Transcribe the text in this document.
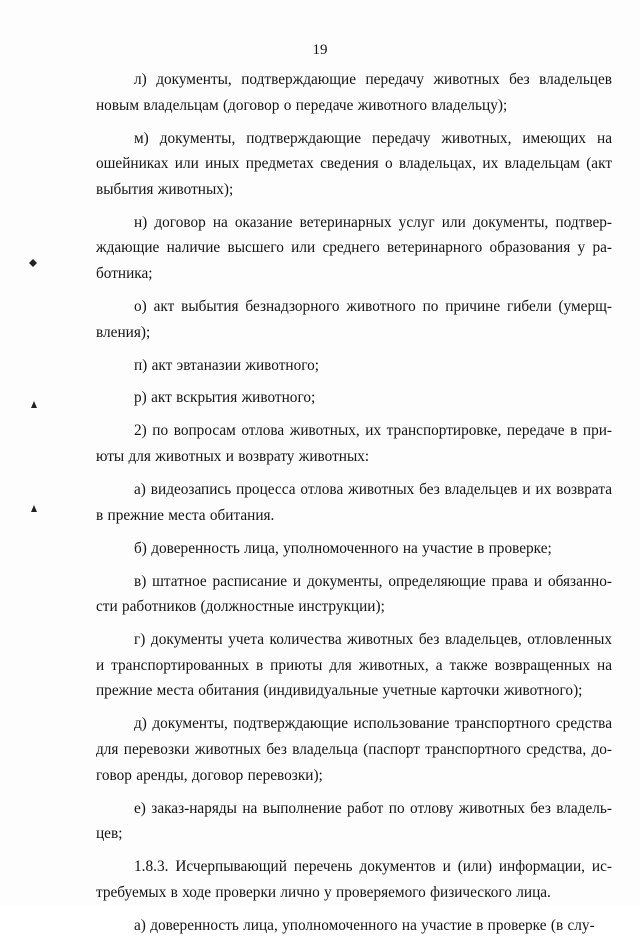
19
л) документы, подтверждающие передачу животных без владельцев
новым владельцам (договор о передаче животного владельцу);
м) документы, подтверждающие передачу животных, имеющих на
ошейниках или иных предметах сведения о владельцах, их владельцам (акт
выбытия животных);
н) договор на оказание ветеринарных услуг или документы, подтвер-
ждающие наличие высшего или среднего ветеринарного образования у ра-
ботника;
о) акт выбытия безнадзорного животного по причине гибели (умерщ-
вления);
п) акт эвтаназии животного;
р) акт вскрытия животного;
2) по вопросам отлова животных, их транспортировке, передаче в при-
юты для животных и возврату животных:
а) видеозапись процесса отлова животных без владельцев и их возврата
в прежние места обитания.
б) доверенность лица, уполномоченного на участие в проверке;
в) штатное расписание и документы, определяющие права и обязанно-
сти работников (должностные инструкции);
г) документы учета количества животных без владельцев, отловленных
и транспортированных в приюты для животных, а также возвращенных на
прежние места обитания (индивидуальные учетные карточки животного);
д) документы, подтверждающие использование транспортного средства
для перевозки животных без владельца (паспорт транспортного средства, до-
говор аренды, договор перевозки);
е) заказ-наряды на выполнение работ по отлову животных без владель-
цев;
1.8.3. Исчерпывающий перечень документов и (или) информации, ис-
требуемых в ходе проверки лично у проверяемого физического лица.
а) доверенность лица, уполномоченного на участие в проверке (в слу-
